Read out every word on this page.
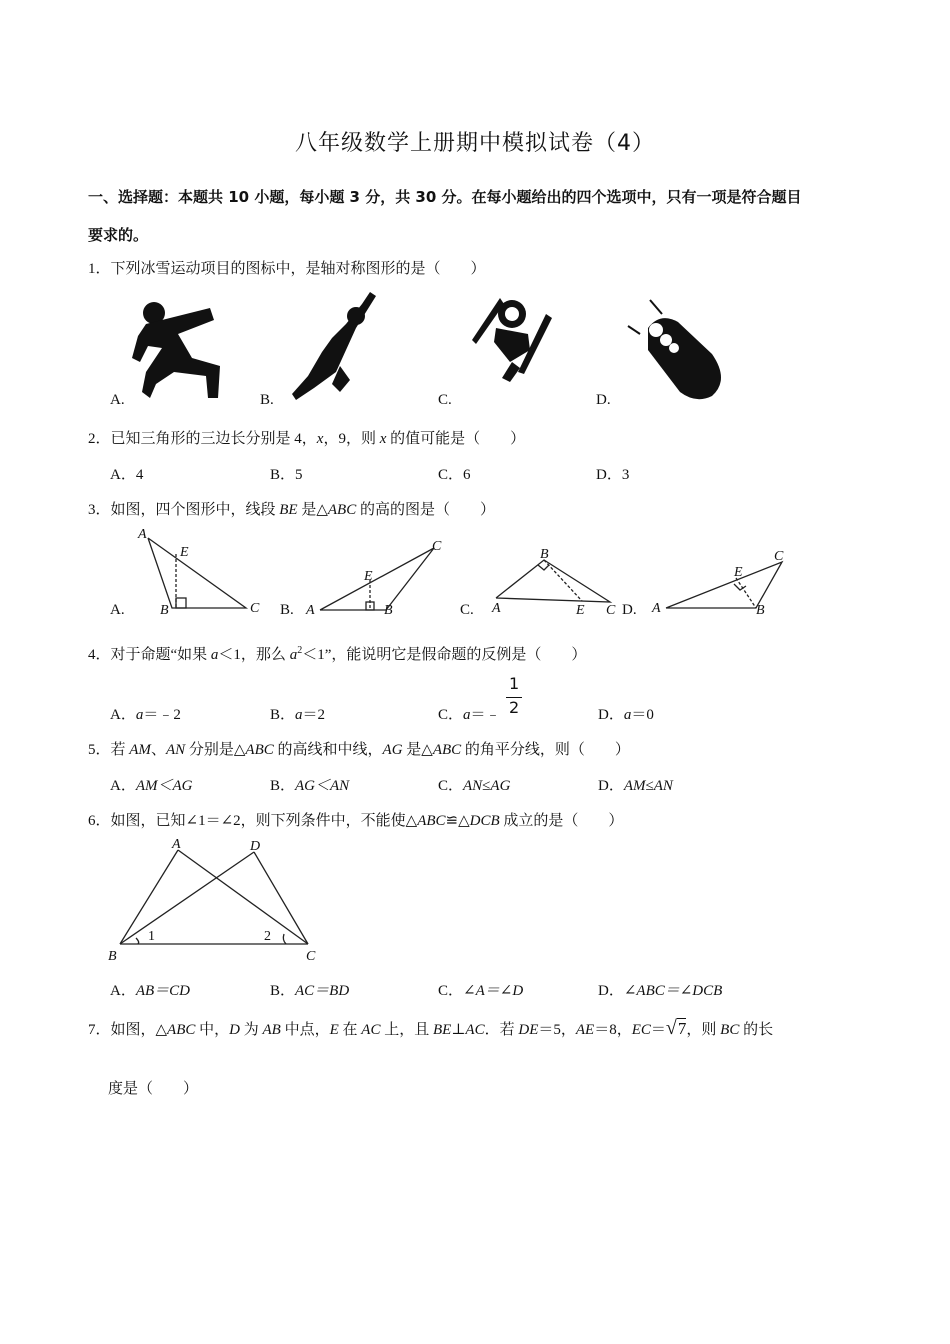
八年级数学上册期中模拟试卷（4）
一、选择题：本题共 10 小题，每小题 3 分，共 30 分。在每小题给出的四个选项中，只有一项是符合题目
要求的。
1．下列冰雪运动项目的图标中，是轴对称图形的是（　　）
A.	B.	C.	D.
2．已知三角形的三边长分别是 4，x，9，则 x 的值可能是（　　）
A．4	B．5	C．6	D．3
3．如图，四个图形中，线段 BE 是△ABC 的高的图是（　　）
A
B	C
E
A	B
C
E
A
B
C
E	A	B
C
E
A.	B.	C.	D.
4．对于命题“如果 a＜1，那么 $a^2<1$”，能说明它是假命题的反例是（　　）
A．a＝﹣2	B．a＝2	C．a＝﹣
1
2	D．a＝0
5．若 AM、AN 分别是△ABC 的高线和中线，AG 是△ABC 的角平分线，则（　　）
A．AM＜AG	B．AG＜AN	C．AN≤AG	D．AM≤AN
6．如图，已知∠1＝∠2，则下列条件中，不能使△ABC≌△DCB 成立的是（　　）
A	D
B	C
1	2
A．AB＝CD	B．AC＝BD	C．∠A＝∠D	D．∠ABC＝∠DCB
7．如图，△ABC 中，D 为 AB 中点，E 在 AC 上，且 BE⊥AC．若 DE＝5，AE＝8，EC＝√7，则 BC 的长
度是（　　）
